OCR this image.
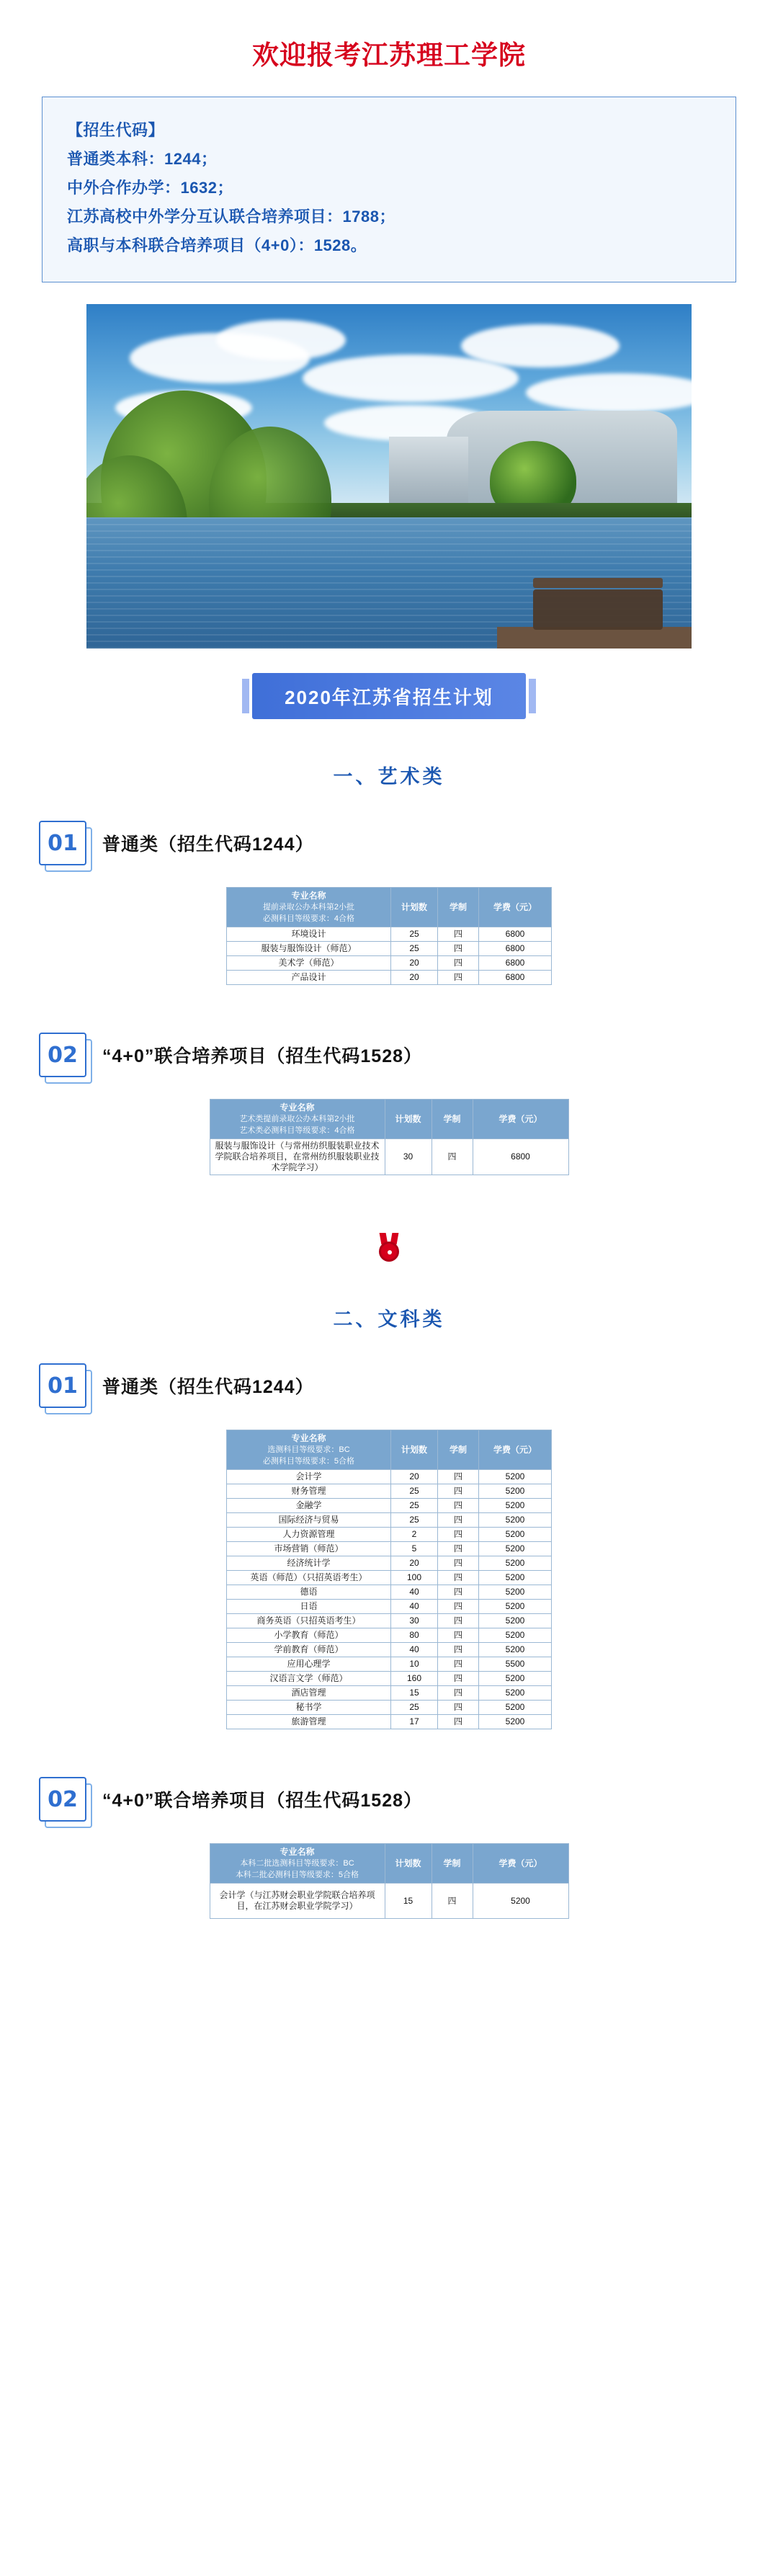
欢迎报考江苏理工学院
【招生代码】
普通类本科：1244；
中外合作办学：1632；
江苏高校中外学分互认联合培养项目：1788；
高职与本科联合培养项目（4+0）：1528。
2020年江苏省招生计划
一、艺术类
01 普通类（招生代码1244）
专业名称
提前录取公办本科第2小批
必测科目等级要求：4合格	计划数	学制	学费（元）
环境设计	25	四	6800
服装与服饰设计（师范）	25	四	6800
美术学（师范）	20	四	6800
产品设计	20	四	6800
02 “4+0”联合培养项目（招生代码1528）
专业名称
艺术类提前录取公办本科第2小批
艺术类必测科目等级要求：4合格	计划数	学制	学费（元）
服装与服饰设计（与常州纺织服装职业技术学院联合培养项目，在常州纺织服装职业技术学院学习）	30	四	6800
二、文科类
01 普通类（招生代码1244）
专业名称
选测科目等级要求：BC
必测科目等级要求：5合格	计划数	学制	学费（元）
会计学	20	四	5200
财务管理	25	四	5200
金融学	25	四	5200
国际经济与贸易	25	四	5200
人力资源管理	2	四	5200
市场营销（师范）	5	四	5200
经济统计学	20	四	5200
英语（师范）（只招英语考生）	100	四	5200
德语	40	四	5200
日语	40	四	5200
商务英语（只招英语考生）	30	四	5200
小学教育（师范）	80	四	5200
学前教育（师范）	40	四	5200
应用心理学	10	四	5500
汉语言文学（师范）	160	四	5200
酒店管理	15	四	5200
秘书学	25	四	5200
旅游管理	17	四	5200
02 “4+0”联合培养项目（招生代码1528）
专业名称
本科二批选测科目等级要求：BC
本科二批必测科目等级要求：5合格	计划数	学制	学费（元）
会计学（与江苏财会职业学院联合培养项目，在江苏财会职业学院学习）	15	四	5200
